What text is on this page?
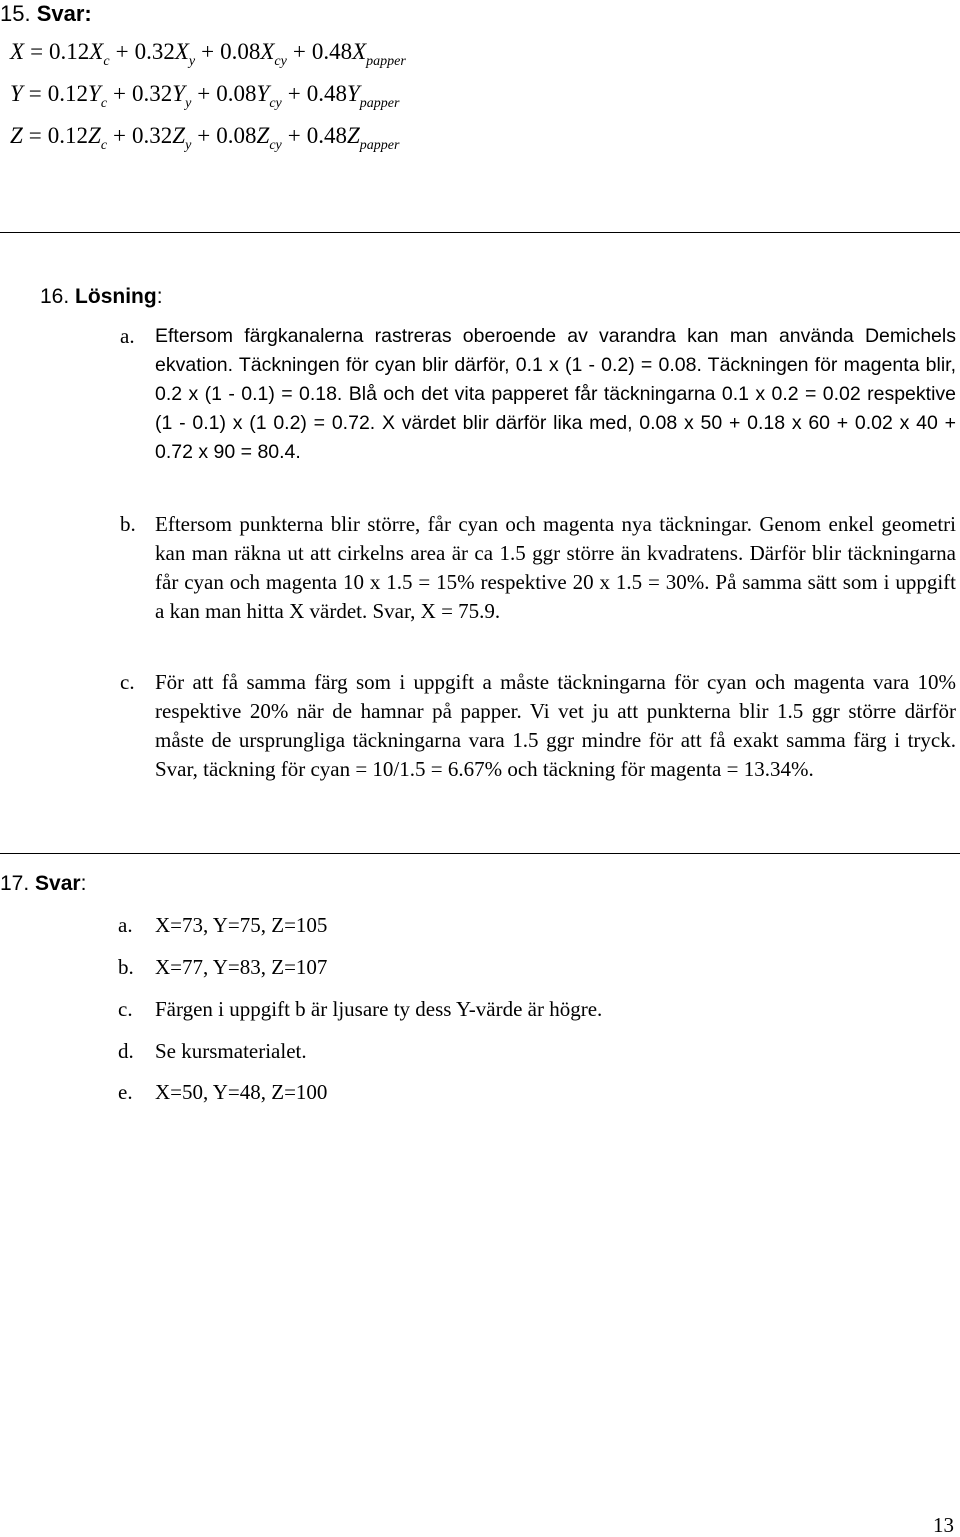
15. Svar:
$X = 0.12X_c + 0.32X_y + 0.08X_{cy} + 0.48X_{papper}$
$Y = 0.12Y_c + 0.32Y_y + 0.08Y_{cy} + 0.48Y_{papper}$
$Z = 0.12Z_c + 0.32Z_y + 0.08Z_{cy} + 0.48Z_{papper}$
16. Lösning:
a. Eftersom färgkanalerna rastreras oberoende av varandra kan man använda Demichels ekvation. Täckningen för cyan blir därför, 0.1 x (1 - 0.2) = 0.08. Täckningen för magenta blir, 0.2 x (1 - 0.1) = 0.18. Blå och det vita papperet får täckningarna 0.1 x 0.2 = 0.02 respektive (1 - 0.1) x (1 0.2) = 0.72. X värdet blir därför lika med, 0.08 x 50 + 0.18 x 60 + 0.02 x 40 + 0.72 x 90 = 80.4.
b. Eftersom punkterna blir större, får cyan och magenta nya täckningar. Genom enkel geometri kan man räkna ut att cirkelns area är ca 1.5 ggr större än kvadratens. Därför blir täckningarna får cyan och magenta 10 x 1.5 = 15% respektive 20 x 1.5 = 30%. På samma sätt som i uppgift a kan man hitta X värdet. Svar, X = 75.9.
c. För att få samma färg som i uppgift a måste täckningarna för cyan och magenta vara 10% respektive 20% när de hamnar på papper. Vi vet ju att punkterna blir 1.5 ggr större därför måste de ursprungliga täckningarna vara 1.5 ggr mindre för att få exakt samma färg i tryck. Svar, täckning för cyan = 10/1.5 = 6.67% och täckning för magenta = 13.34%.
17. Svar:
a. X=73, Y=75, Z=105
b. X=77, Y=83, Z=107
c. Färgen i uppgift b är ljusare ty dess Y-värde är högre.
d. Se kursmaterialet.
e. X=50, Y=48, Z=100
13
